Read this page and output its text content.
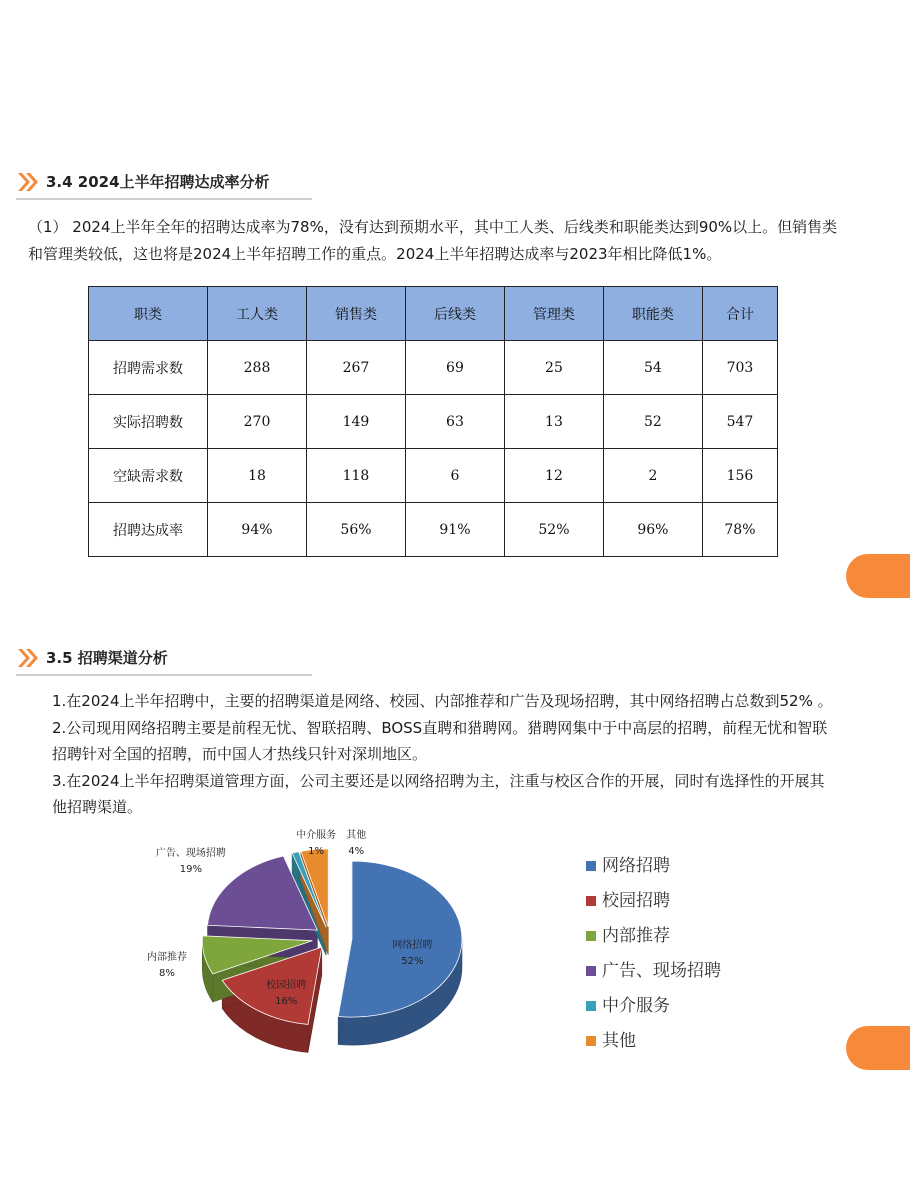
3.4 2024上半年招聘达成率分析
（1） 2024上半年全年的招聘达成率为78%，没有达到预期水平，其中工人类、后线类和职能类达到90%以上。但销售类
和管理类较低，这也将是2024上半年招聘工作的重点。2024上半年招聘达成率与2023年相比降低1%。
职类	工人类	销售类	后线类	管理类	职能类	合计
招聘需求数	288	267	69	25	54	703
实际招聘数	270	149	63	13	52	547
空缺需求数	18	118	6	12	2	156
招聘达成率	94%	56%	91%	52%	96%	78%
3.5 招聘渠道分析
1.在2024上半年招聘中，主要的招聘渠道是网络、校园、内部推荐和广告及现场招聘，其中网络招聘占总数到52% 。
2.公司现用网络招聘主要是前程无忧、智联招聘、BOSS直聘和猎聘网。猎聘网集中于中高层的招聘，前程无忧和智联
招聘针对全国的招聘，而中国人才热线只针对深圳地区。
3.在2024上半年招聘渠道管理方面，公司主要还是以网络招聘为主，注重与校区合作的开展，同时有选择性的开展其
他招聘渠道。
网络招聘
52%
校园招聘
16%
内部推荐
8%
广告、现场招聘
19%
中介服务
1%
其他
4%
网络招聘
校园招聘
内部推荐
广告、现场招聘
中介服务
其他
